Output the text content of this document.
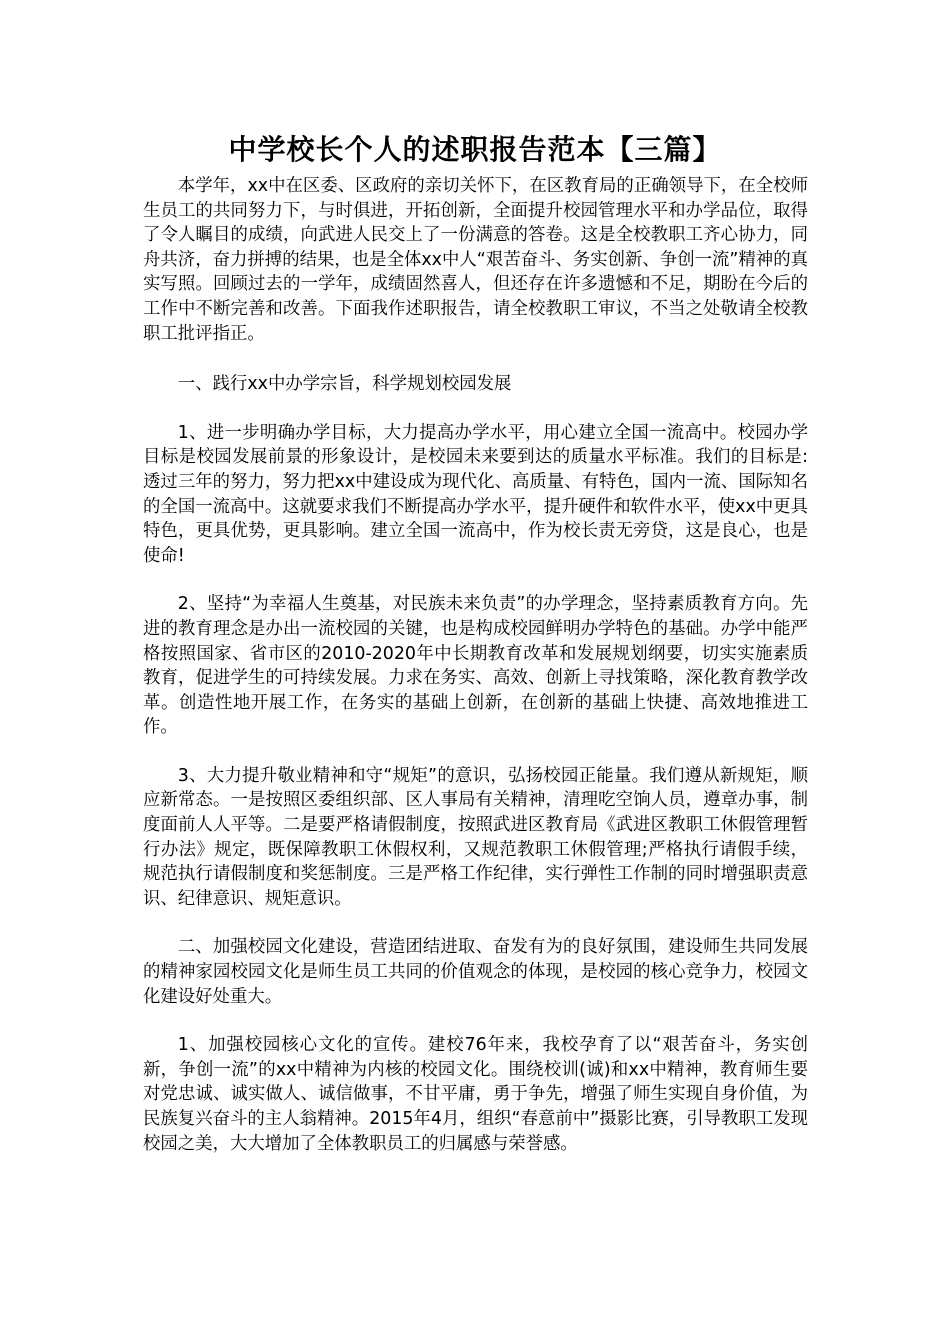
中学校长个人的述职报告范本【三篇】

本学年，xx中在区委、区政府的亲切关怀下，在区教育局的正确领导下，在全校师生员工的共同努力下，与时俱进，开拓创新，全面提升校园管理水平和办学品位，取得了令人瞩目的成绩，向武进人民交上了一份满意的答卷。这是全校教职工齐心协力，同舟共济，奋力拼搏的结果，也是全体xx中人“艰苦奋斗、务实创新、争创一流”精神的真实写照。回顾过去的一学年，成绩固然喜人，但还存在许多遗憾和不足，期盼在今后的工作中不断完善和改善。下面我作述职报告，请全校教职工审议，不当之处敬请全校教职工批评指正。

一、践行xx中办学宗旨，科学规划校园发展

1、进一步明确办学目标，大力提高办学水平，用心建立全国一流高中。校园办学目标是校园发展前景的形象设计，是校园未来要到达的质量水平标准。我们的目标是:透过三年的努力，努力把xx中建设成为现代化、高质量、有特色，国内一流、国际知名的全国一流高中。这就要求我们不断提高办学水平，提升硬件和软件水平，使xx中更具特色，更具优势，更具影响。建立全国一流高中，作为校长责无旁贷，这是良心，也是使命!

2、坚持“为幸福人生奠基，对民族未来负责”的办学理念，坚持素质教育方向。先进的教育理念是办出一流校园的关键，也是构成校园鲜明办学特色的基础。办学中能严格按照国家、省市区的2010-2020年中长期教育改革和发展规划纲要，切实实施素质教育，促进学生的可持续发展。力求在务实、高效、创新上寻找策略，深化教育教学改革。创造性地开展工作，在务实的基础上创新，在创新的基础上快捷、高效地推进工作。

3、大力提升敬业精神和守“规矩”的意识，弘扬校园正能量。我们遵从新规矩，顺应新常态。一是按照区委组织部、区人事局有关精神，清理吃空饷人员，遵章办事，制度面前人人平等。二是要严格请假制度，按照武进区教育局《武进区教职工休假管理暂行办法》规定，既保障教职工休假权利，又规范教职工休假管理;严格执行请假手续，规范执行请假制度和奖惩制度。三是严格工作纪律，实行弹性工作制的同时增强职责意识、纪律意识、规矩意识。

二、加强校园文化建设，营造团结进取、奋发有为的良好氛围，建设师生共同发展的精神家园校园文化是师生员工共同的价值观念的体现，是校园的核心竞争力，校园文化建设好处重大。

1、加强校园核心文化的宣传。建校76年来，我校孕育了以“艰苦奋斗，务实创新，争创一流”的xx中精神为内核的校园文化。围绕校训(诚)和xx中精神，教育师生要对党忠诚、诚实做人、诚信做事，不甘平庸，勇于争先，增强了师生实现自身价值，为民族复兴奋斗的主人翁精神。2015年4月，组织“春意前中”摄影比赛，引导教职工发现校园之美，大大增加了全体教职员工的归属感与荣誉感。
